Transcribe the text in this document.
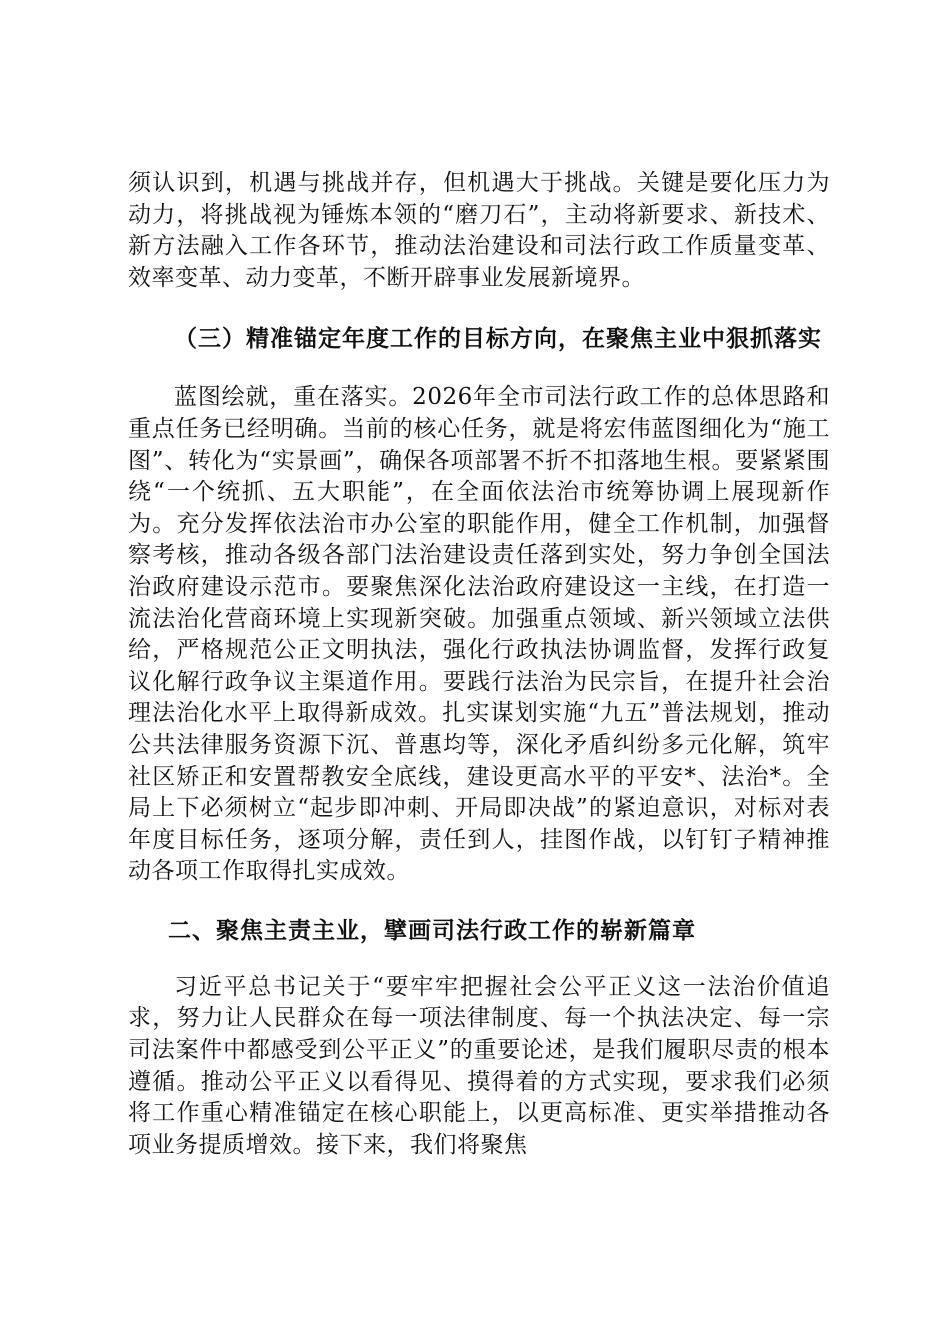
须认识到，机遇与挑战并存，但机遇大于挑战。关键是要化压力为动力，将挑战视为锤炼本领的“磨刀石”，主动将新要求、新技术、新方法融入工作各环节，推动法治建设和司法行政工作质量变革、效率变革、动力变革，不断开辟事业发展新境界。

（三）精准锚定年度工作的目标方向，在聚焦主业中狠抓落实

蓝图绘就，重在落实。2026年全市司法行政工作的总体思路和重点任务已经明确。当前的核心任务，就是将宏伟蓝图细化为“施工图”、转化为“实景画”，确保各项部署不折不扣落地生根。要紧紧围绕“一个统抓、五大职能”，在全面依法治市统筹协调上展现新作为。充分发挥依法治市办公室的职能作用，健全工作机制，加强督察考核，推动各级各部门法治建设责任落到实处，努力争创全国法治政府建设示范市。要聚焦深化法治政府建设这一主线，在打造一流法治化营商环境上实现新突破。加强重点领域、新兴领域立法供给，严格规范公正文明执法，强化行政执法协调监督，发挥行政复议化解行政争议主渠道作用。要践行法治为民宗旨，在提升社会治理法治化水平上取得新成效。扎实谋划实施“九五”普法规划，推动公共法律服务资源下沉、普惠均等，深化矛盾纠纷多元化解，筑牢社区矫正和安置帮教安全底线，建设更高水平的平安*、法治*。全局上下必须树立“起步即冲刺、开局即决战”的紧迫意识，对标对表年度目标任务，逐项分解，责任到人，挂图作战，以钉钉子精神推动各项工作取得扎实成效。

二、聚焦主责主业，擘画司法行政工作的崭新篇章

习近平总书记关于“要牢牢把握社会公平正义这一法治价值追求，努力让人民群众在每一项法律制度、每一个执法决定、每一宗司法案件中都感受到公平正义”的重要论述，是我们履职尽责的根本遵循。推动公平正义以看得见、摸得着的方式实现，要求我们必须将工作重心精准锚定在核心职能上，以更高标准、更实举措推动各项业务提质增效。接下来，我们将聚焦
